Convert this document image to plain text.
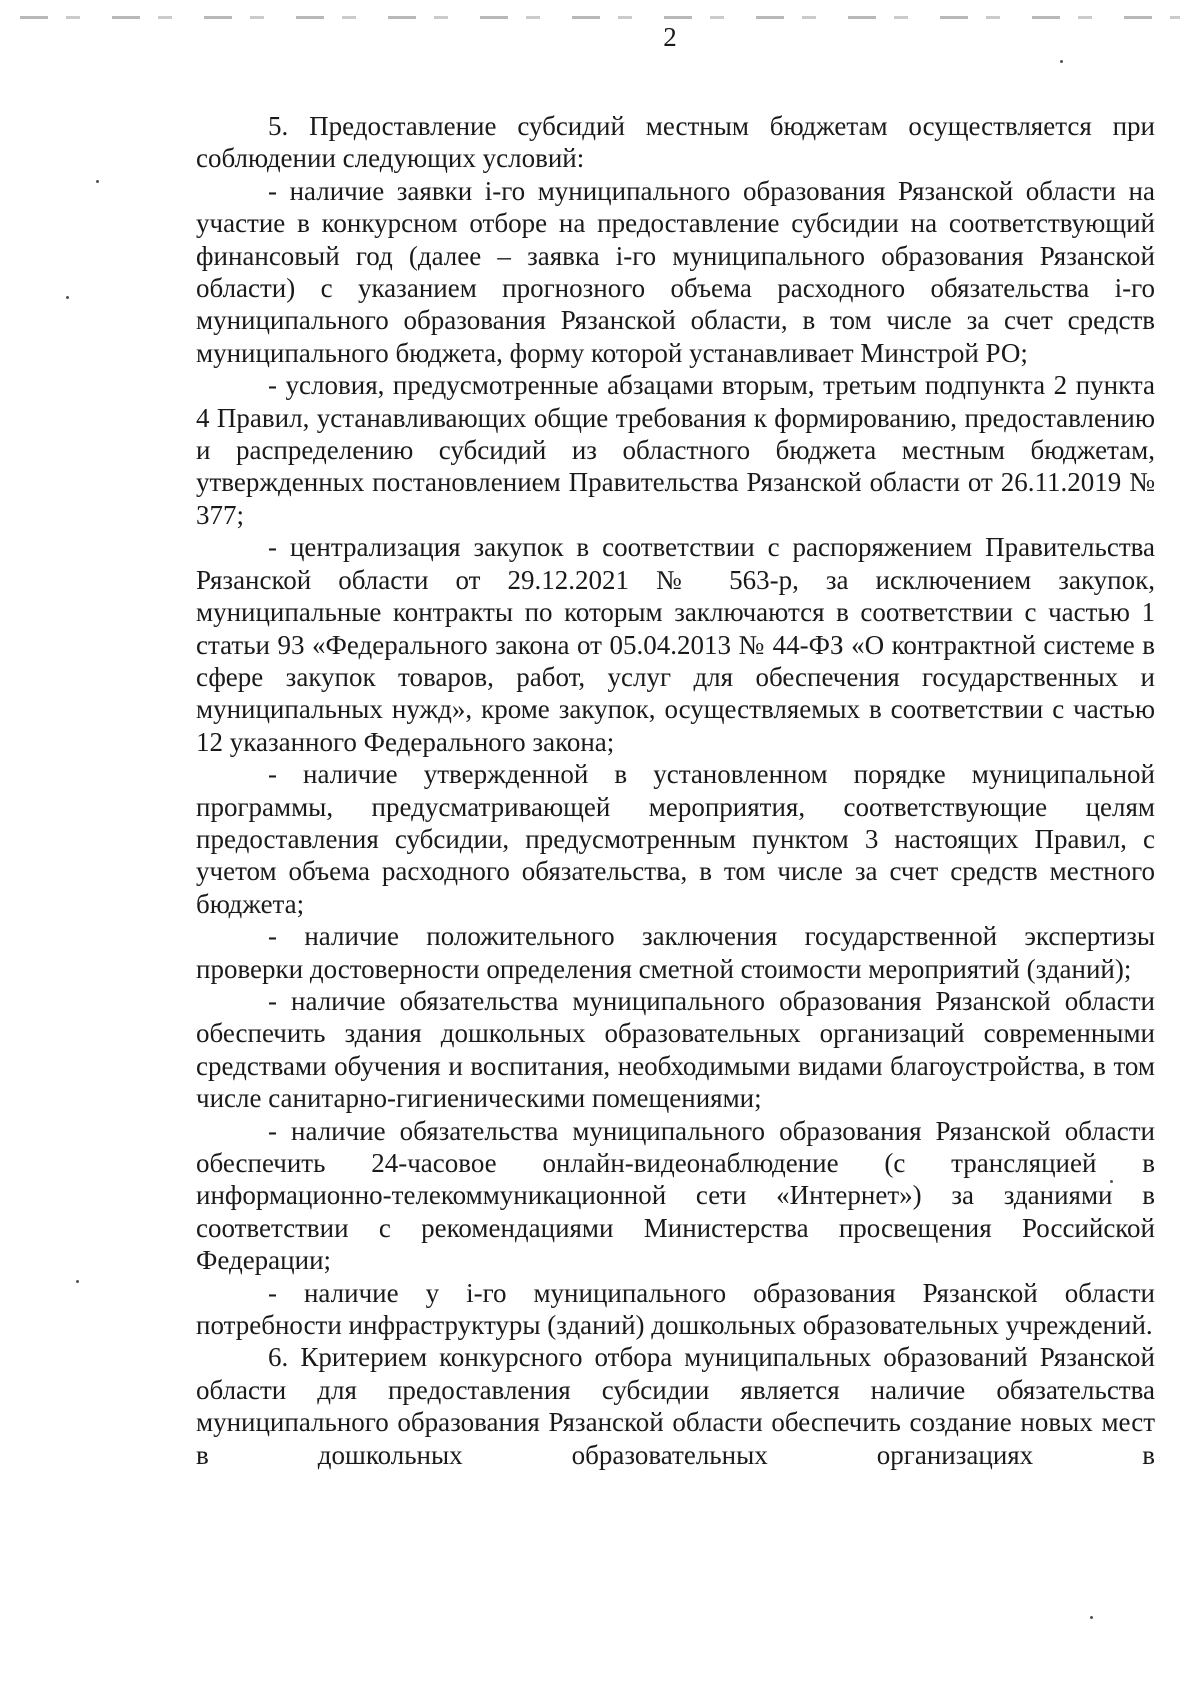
2

5. Предоставление субсидий местным бюджетам осуществляется при соблюдении следующих условий:

- наличие заявки i-го муниципального образования Рязанской области на участие в конкурсном отборе на предоставление субсидии на соответствующий финансовый год (далее – заявка i-го муниципального образования Рязанской области) с указанием прогнозного объема расходного обязательства i-го муниципального образования Рязанской области, в том числе за счет средств муниципального бюджета, форму которой устанавливает Минстрой РО;

- условия, предусмотренные абзацами вторым, третьим подпункта 2 пункта 4 Правил, устанавливающих общие требования к формированию, предоставлению и распределению субсидий из областного бюджета местным бюджетам, утвержденных постановлением Правительства Рязанской области от 26.11.2019 № 377;

- централизация закупок в соответствии с распоряжением Правительства Рязанской области от 29.12.2021 № 563-р, за исключением закупок, муниципальные контракты по которым заключаются в соответствии с частью 1 статьи 93 «Федерального закона от 05.04.2013 № 44-ФЗ «О контрактной системе в сфере закупок товаров, работ, услуг для обеспечения государственных и муниципальных нужд», кроме закупок, осуществляемых в соответствии с частью 12 указанного Федерального закона;

- наличие утвержденной в установленном порядке муниципальной программы, предусматривающей мероприятия, соответствующие целям предоставления субсидии, предусмотренным пунктом 3 настоящих Правил, с учетом объема расходного обязательства, в том числе за счет средств местного бюджета;

- наличие положительного заключения государственной экспертизы проверки достоверности определения сметной стоимости мероприятий (зданий);

- наличие обязательства муниципального образования Рязанской области обеспечить здания дошкольных образовательных организаций современными средствами обучения и воспитания, необходимыми видами благоустройства, в том числе санитарно-гигиеническими помещениями;

- наличие обязательства муниципального образования Рязанской области обеспечить 24-часовое онлайн-видеонаблюдение (с трансляцией в информационно-телекоммуникационной сети «Интернет») за зданиями в соответствии с рекомендациями Министерства просвещения Российской Федерации;

- наличие у i-го муниципального образования Рязанской области потребности инфраструктуры (зданий) дошкольных образовательных учреждений.

6. Критерием конкурсного отбора муниципальных образований Рязанской области для предоставления субсидии является наличие обязательства муниципального образования Рязанской области обеспечить создание новых мест в дошкольных образовательных организациях в
